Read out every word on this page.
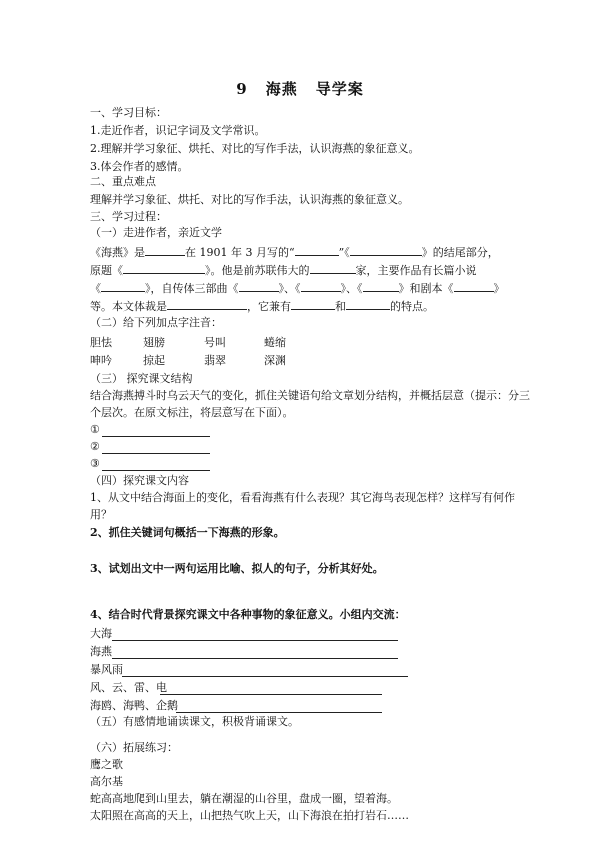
9 海燕 导学案
一、学习目标：
1.走近作者，识记字词及文学常识。
2.理解并学习象征、烘托、对比的写作手法，认识海燕的象征意义。
3.体会作者的感情。
二、重点难点
理解并学习象征、烘托、对比的写作手法，认识海燕的象征意义。
三、学习过程：
（一）走进作者，亲近文学
《海燕》是	在 1901 年 3 月写的“	”《	》的结尾部分，
原题《	》。他是前苏联伟大的	家，主要作品有长篇小说
《	》，自传体三部曲《	》、《	》、《	》和剧本《	》
等。本文体裁是	，它兼有	和	的特点。
（二）给下列加点字注音：
胆怯	翅膀	号叫	蜷缩
呻吟	掠起	翡翠	深渊
（三） 探究课文结构
结合海燕搏斗时乌云天气的变化，抓住关键语句给文章划分结构，并概括层意（提示：分三
个层次。在原文标注，将层意写在下面）。
①
②
③
（四）探究课文内容
1、从文中结合海面上的变化，看看海燕有什么表现？其它海鸟表现怎样？这样写有何作
用？
2、抓住关键词句概括一下海燕的形象。
3、试划出文中一两句运用比喻、拟人的句子，分析其好处。
4、结合时代背景探究课文中各种事物的象征意义。小组内交流：
大海
海燕
暴风雨
风、云、雷、电
海鸥、海鸭、企鹅
（五）有感情地诵读课文，积极背诵课文。
（六）拓展练习：
鹰之歌
高尔基
蛇高高地爬到山里去，躺在潮湿的山谷里，盘成一圈，望着海。
太阳照在高高的天上，山把热气吹上天，山下海浪在拍打岩石……
